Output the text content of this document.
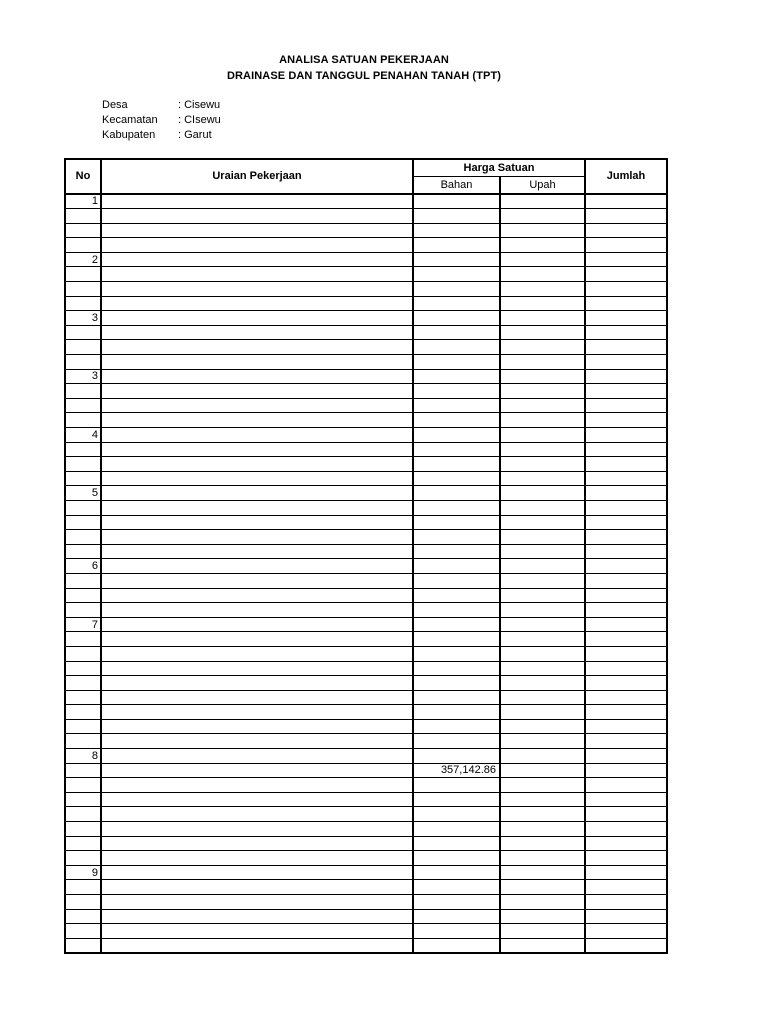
ANALISA SATUAN PEKERJAAN
DRAINASE DAN TANGGUL PENAHAN TANAH (TPT)
Desa	: Cisewu
Kecamatan : CIsewu
Kabupaten : Garut
No	Uraian Pekerjaan	Harga Satuan		Jumlah
		Bahan	Upah	
1				

2				

3				

3				

4				

5				

6				

7				

8				
		357,142.86		

9				
